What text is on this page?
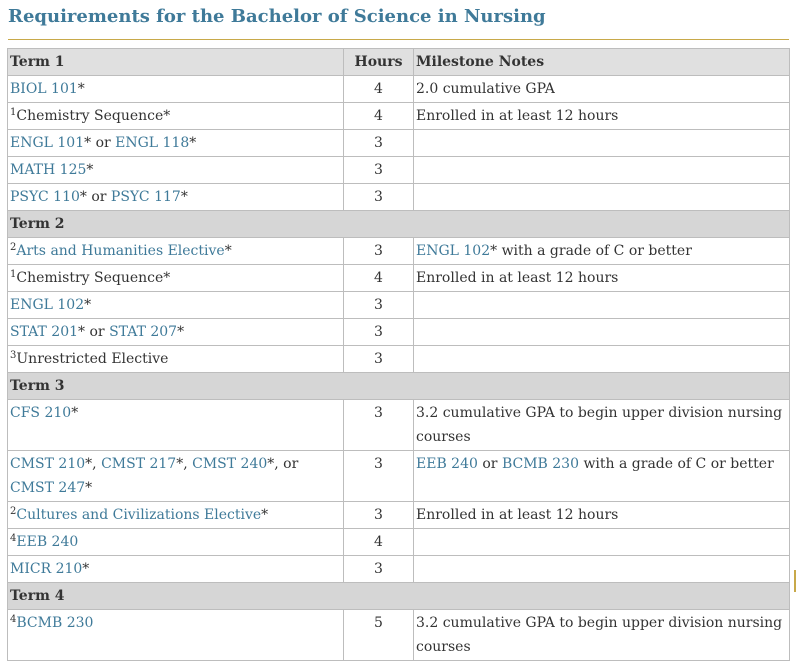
Requirements for the Bachelor of Science in Nursing
Term 1	Hours	Milestone Notes
BIOL 101*	4	2.0 cumulative GPA
$^1$Chemistry Sequence*	4	Enrolled in at least 12 hours
ENGL 101* or ENGL 118*	3	
MATH 125*	3	
PSYC 110* or PSYC 117*	3	
Term 2		
$^2$Arts and Humanities Elective*	3	ENGL 102* with a grade of C or better
$^1$Chemistry Sequence*	4	Enrolled in at least 12 hours
ENGL 102*	3	
STAT 201* or STAT 207*	3	
$^3$Unrestricted Elective	3	
Term 3		
CFS 210*	3	3.2 cumulative GPA to begin upper division nursing courses
CMST 210*, CMST 217*, CMST 240*, or CMST 247*	3	EEB 240 or BCMB 230 with a grade of C or better
$^2$Cultures and Civilizations Elective*	3	Enrolled in at least 12 hours
$^4$EEB 240	4	
MICR 210*	3	
Term 4		
$^4$BCMB 230	5	3.2 cumulative GPA to begin upper division nursing courses
